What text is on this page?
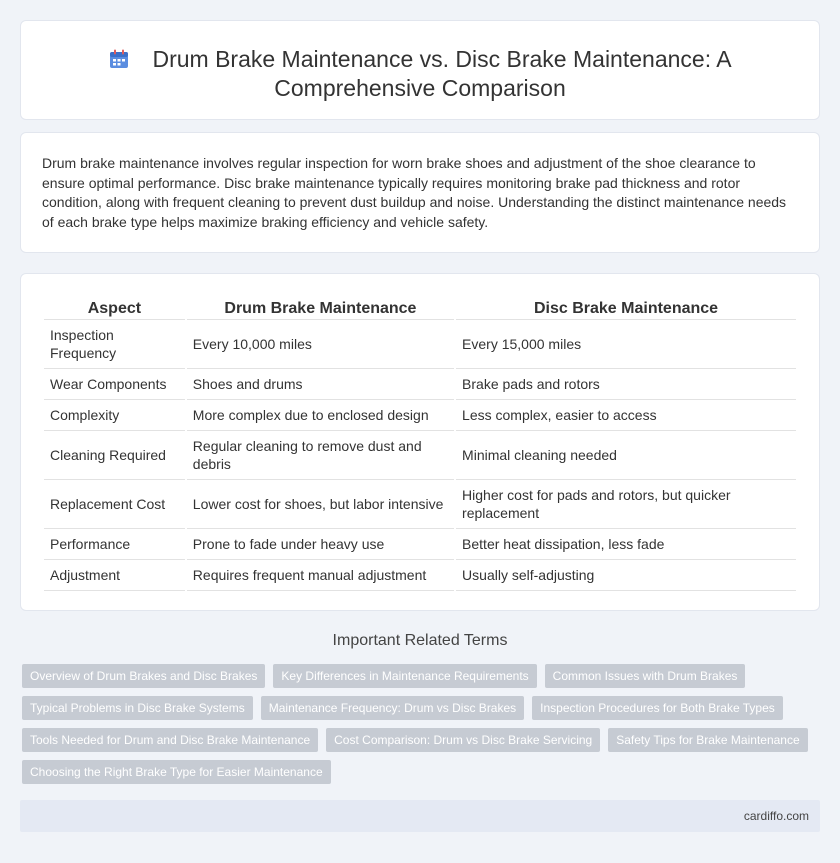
Drum Brake Maintenance vs. Disc Brake Maintenance: A Comprehensive Comparison

Drum brake maintenance involves regular inspection for worn brake shoes and adjustment of the shoe clearance to ensure optimal performance. Disc brake maintenance typically requires monitoring brake pad thickness and rotor condition, along with frequent cleaning to prevent dust buildup and noise. Understanding the distinct maintenance needs of each brake type helps maximize braking efficiency and vehicle safety.

Aspect	Drum Brake Maintenance	Disc Brake Maintenance
Inspection Frequency	Every 10,000 miles	Every 15,000 miles
Wear Components	Shoes and drums	Brake pads and rotors
Complexity	More complex due to enclosed design	Less complex, easier to access
Cleaning Required	Regular cleaning to remove dust and debris	Minimal cleaning needed
Replacement Cost	Lower cost for shoes, but labor intensive	Higher cost for pads and rotors, but quicker replacement
Performance	Prone to fade under heavy use	Better heat dissipation, less fade
Adjustment	Requires frequent manual adjustment	Usually self-adjusting
Important Related Terms
Overview of Drum Brakes and Disc Brakes	Key Differences in Maintenance Requirements	Common Issues with Drum Brakes
Typical Problems in Disc Brake Systems	Maintenance Frequency: Drum vs Disc Brakes	Inspection Procedures for Both Brake Types
Tools Needed for Drum and Disc Brake Maintenance	Cost Comparison: Drum vs Disc Brake Servicing	Safety Tips for Brake Maintenance
Choosing the Right Brake Type for Easier Maintenance
cardiffo.com
